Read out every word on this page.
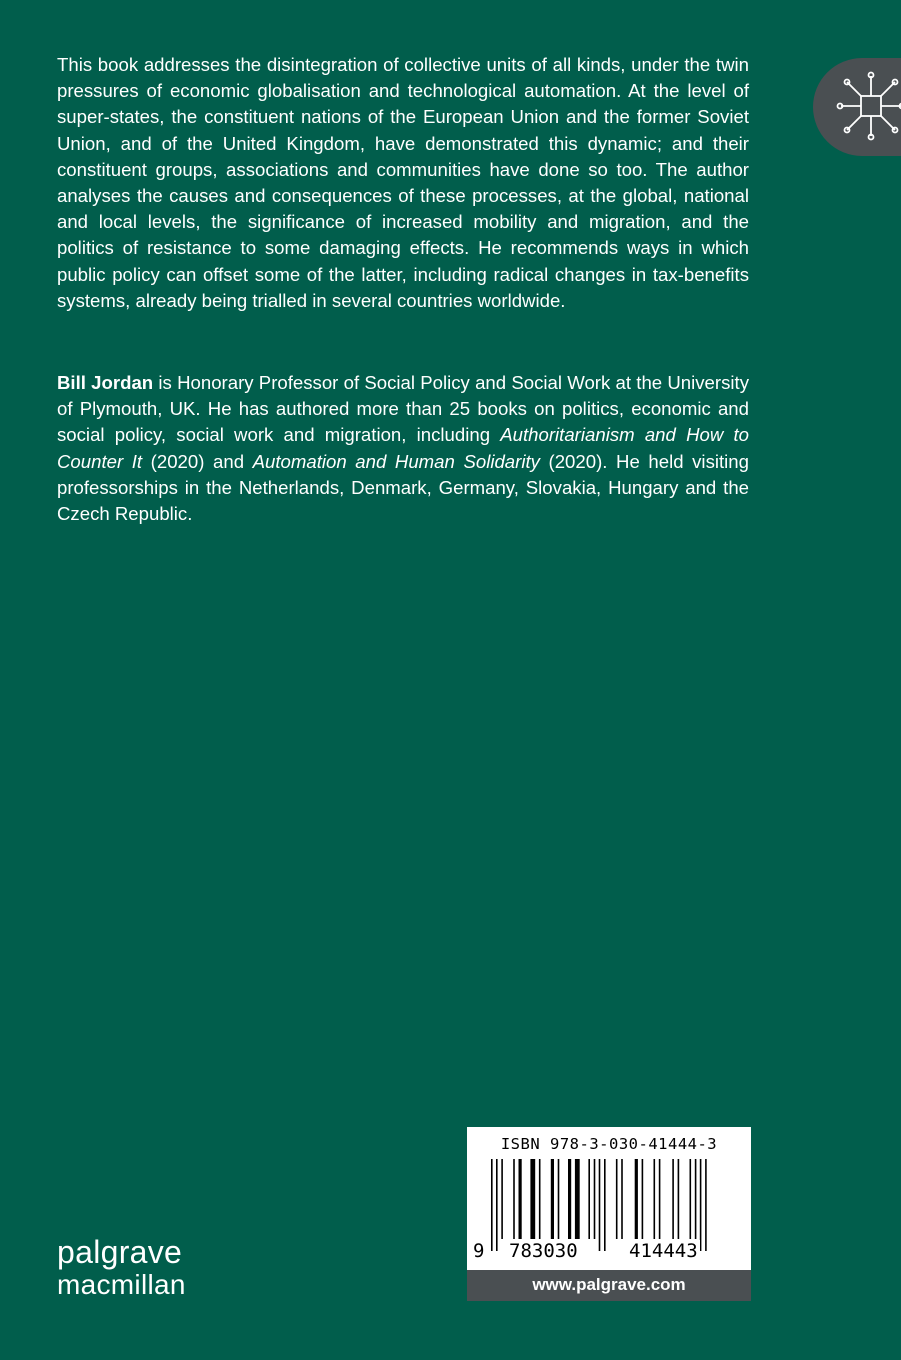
This book addresses the disintegration of collective units of all kinds, under the twin pressures of economic globalisation and technological automation. At the level of super-states, the constituent nations of the European Union and the former Soviet Union, and of the United Kingdom, have demonstrated this dynamic; and their constituent groups, associations and communities have done so too. The author analyses the causes and consequences of these processes, at the global, national and local levels, the significance of increased mobility and migration, and the politics of resistance to some damaging effects. He recommends ways in which public policy can offset some of the latter, including radical changes in tax-benefits systems, already being trialled in several countries worldwide.

Bill Jordan is Honorary Professor of Social Policy and Social Work at the University of Plymouth, UK. He has authored more than 25 books on politics, economic and social policy, social work and migration, including Authoritarianism and How to Counter It (2020) and Automation and Human Solidarity (2020). He held visiting professorships in the Netherlands, Denmark, Germany, Slovakia, Hungary and the Czech Republic.

ISBN 978-3-030-41444-3
9 783030	414443
www.palgrave.com
palgrave
macmillan
